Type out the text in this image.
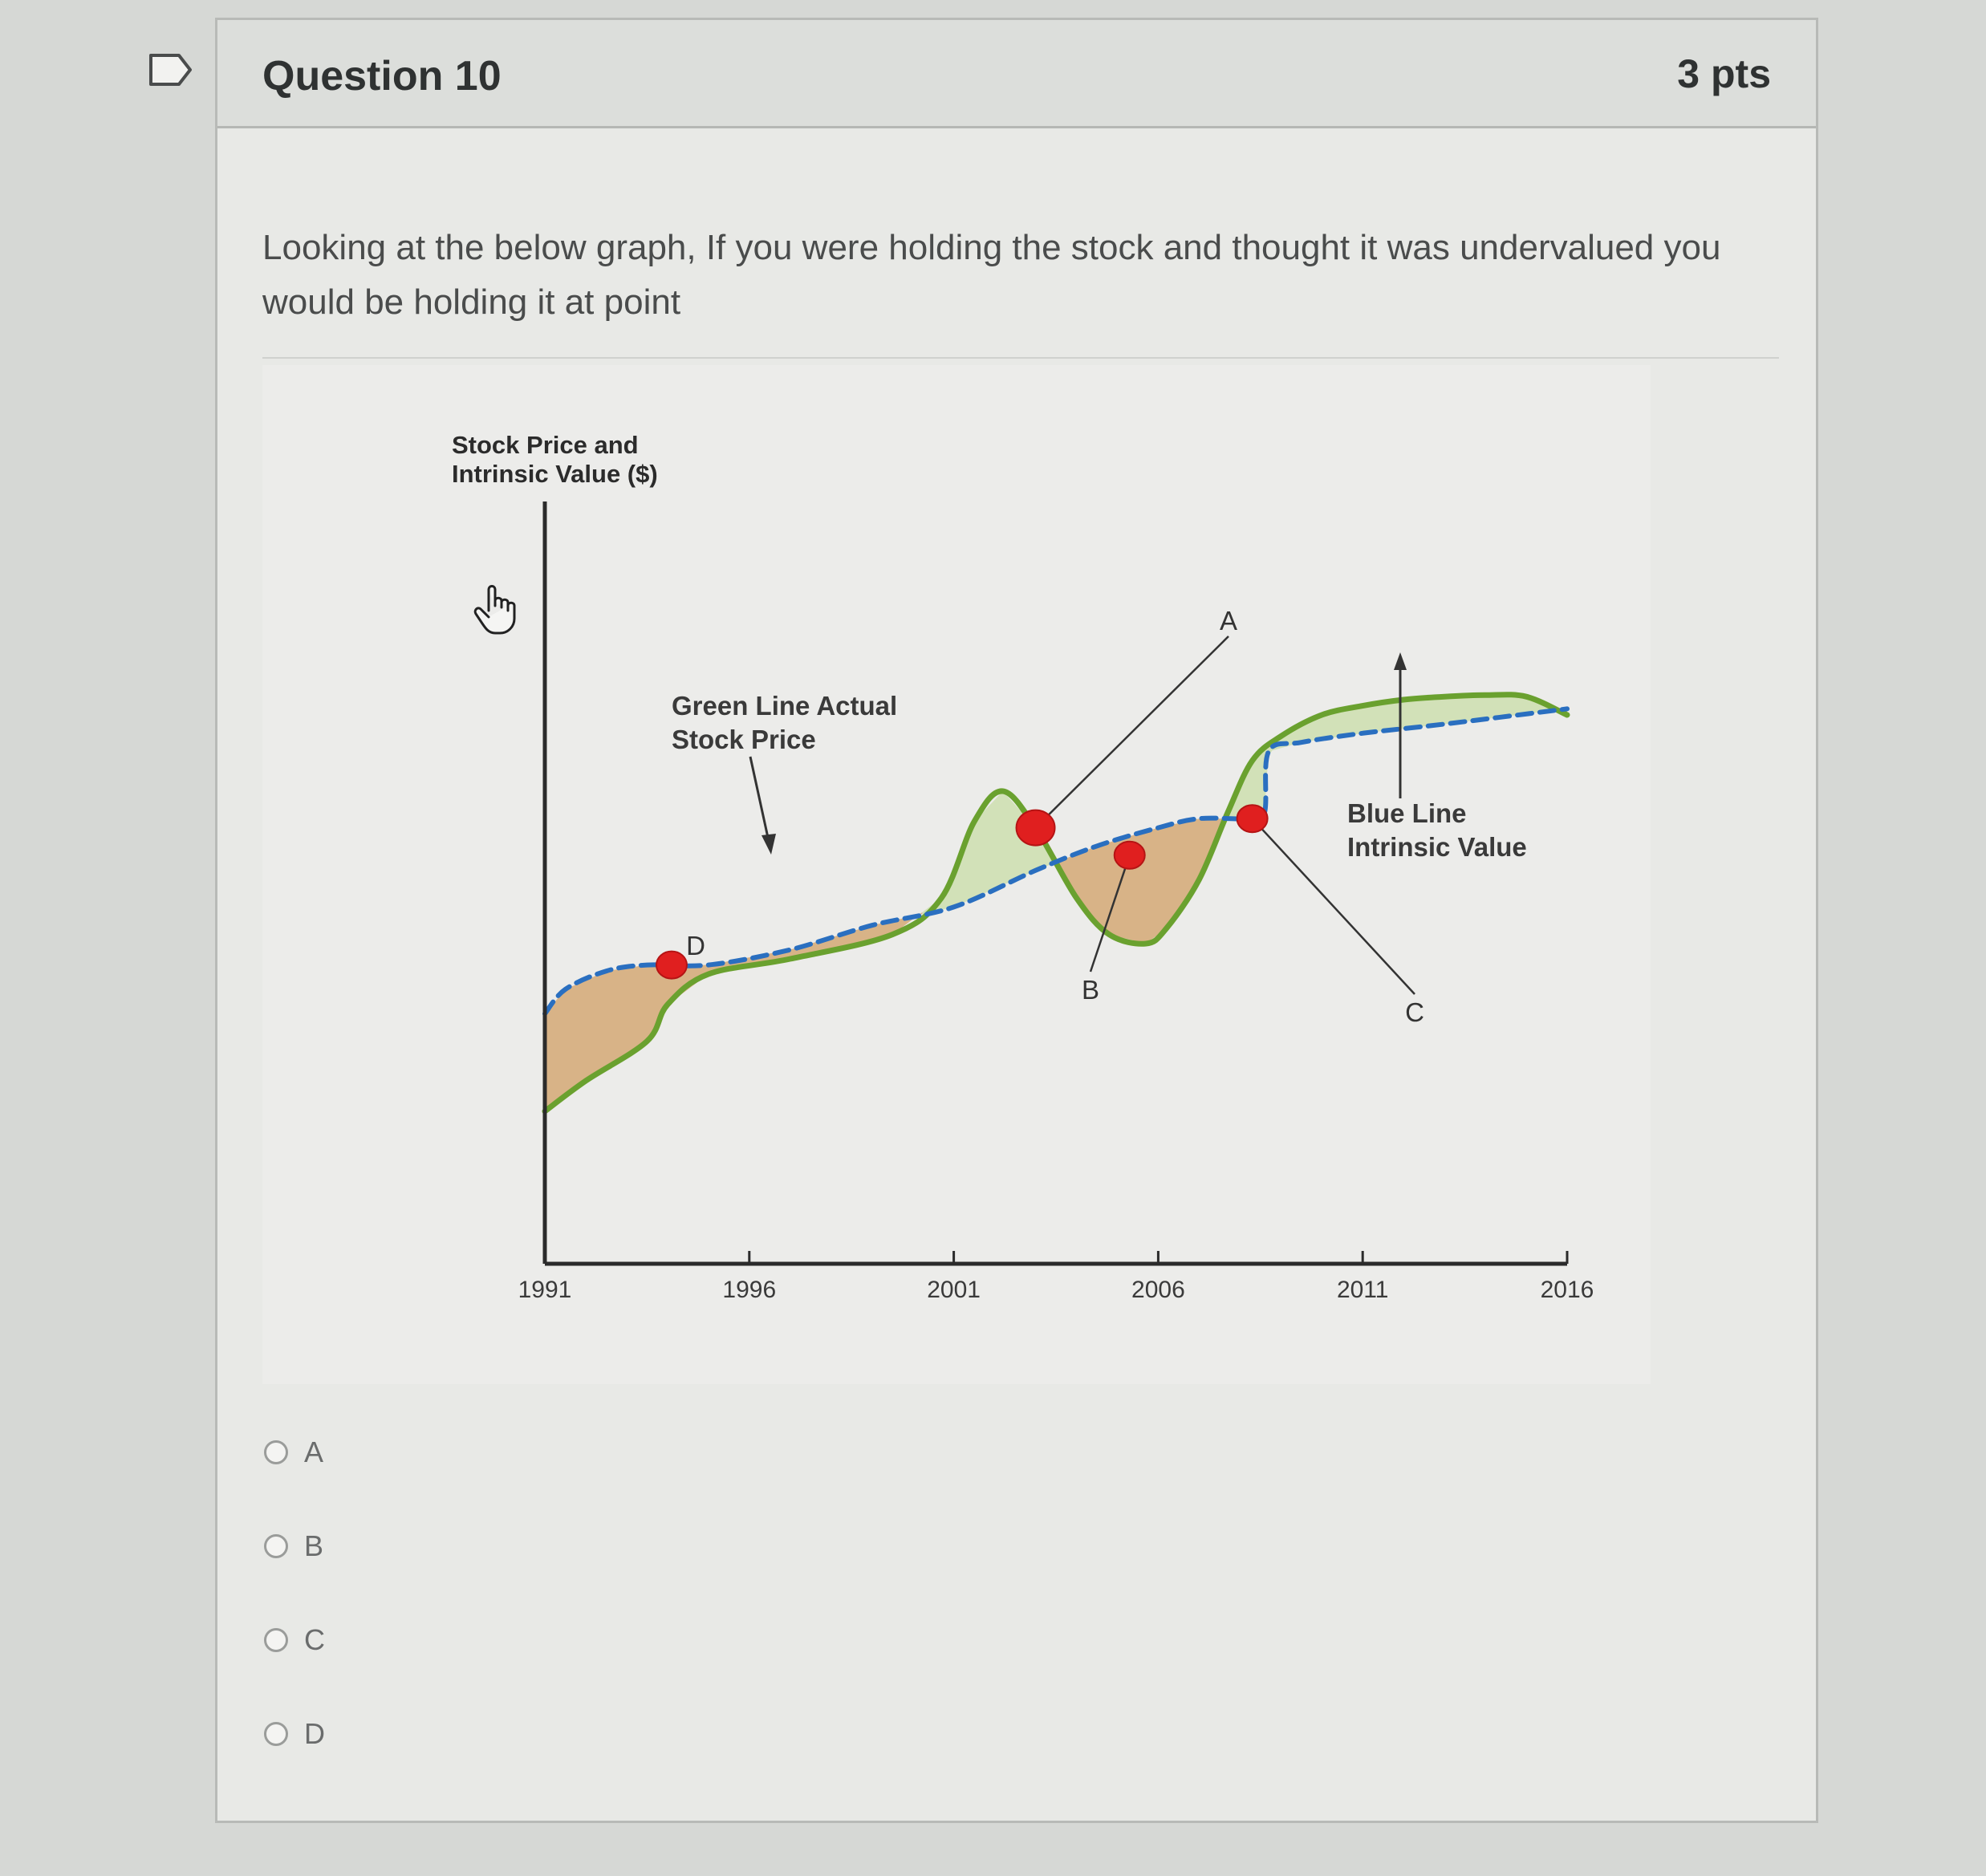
Question 10	3 pts
Looking at the below graph, If you were holding the stock and thought it was undervalued you would be holding it at point
1991	1996	2001	2006	2011	2016
Stock Price and
Intrinsic Value ($)
Green Line Actual
Stock Price
Blue Line
Intrinsic Value
A
B
C
D
A
B
C
D
